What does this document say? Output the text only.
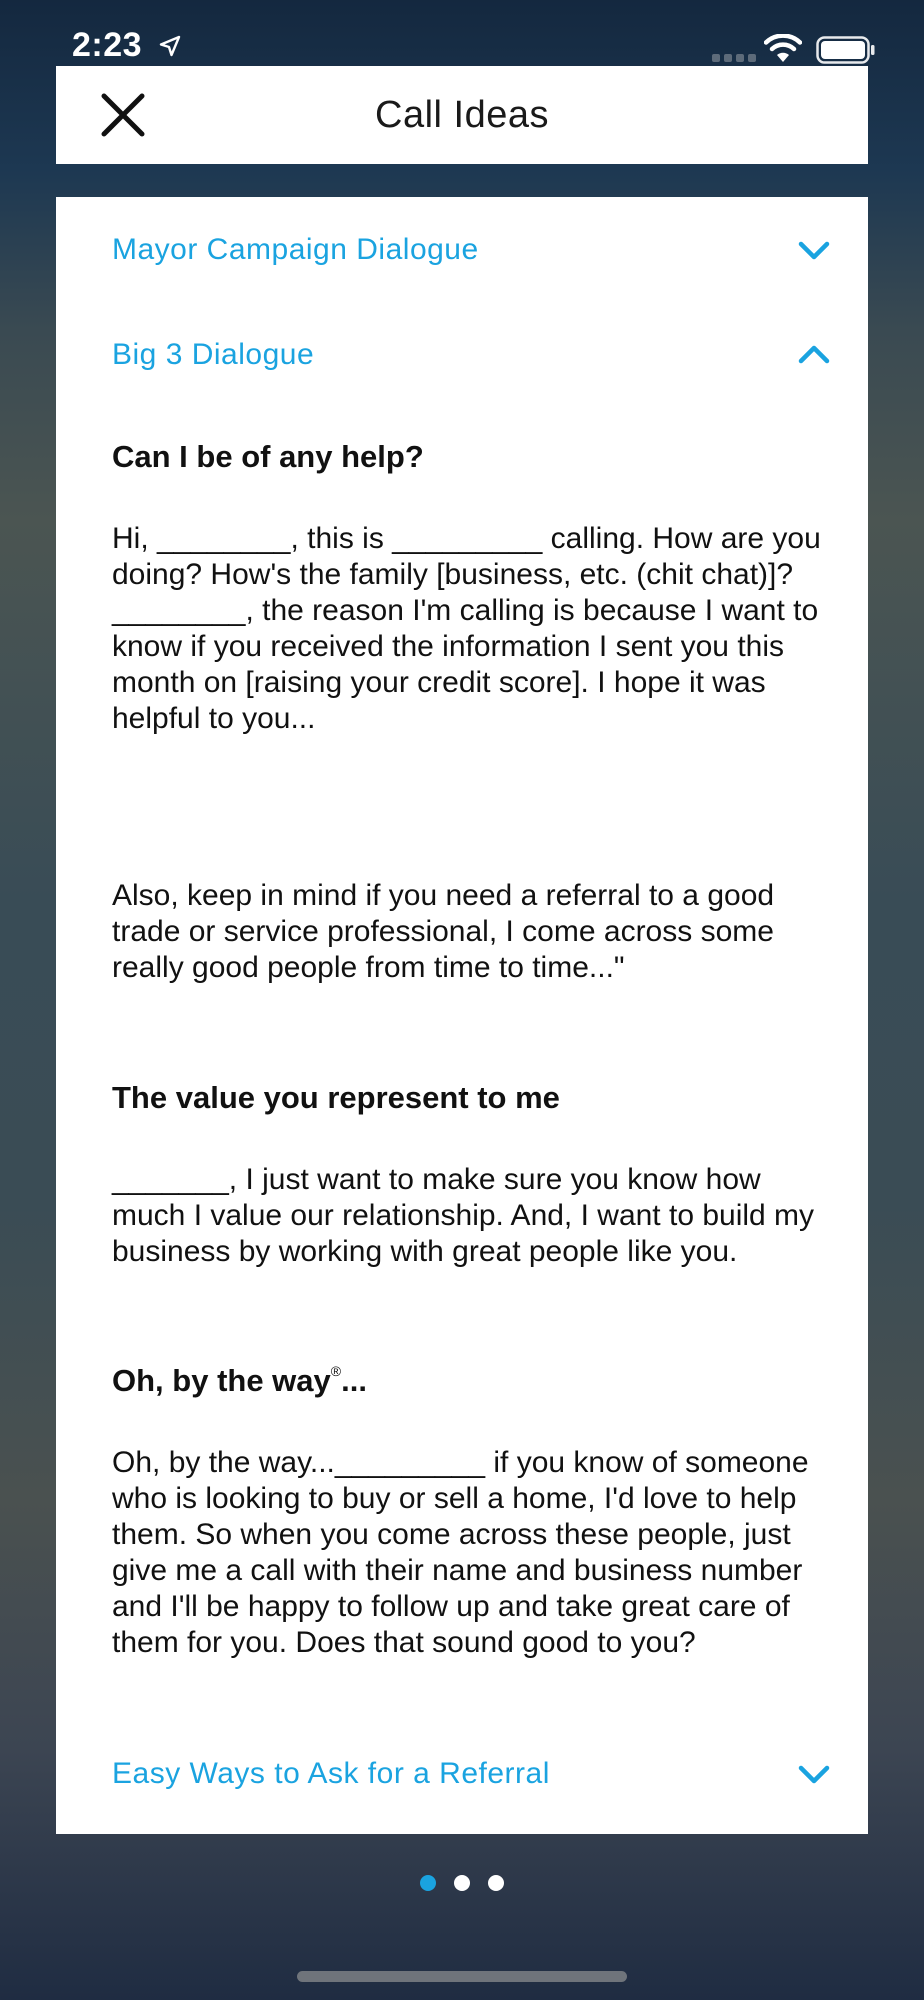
2:23
Call Ideas
Mayor Campaign Dialogue
Big 3 Dialogue
Can I be of any help?
Hi, ________, this is _________ calling. How are you doing? How's the family [business, etc. (chit chat)]? ________, the reason I'm calling is because I want to know if you received the information I sent you this month on [raising your credit score]. I hope it was helpful to you...
Also, keep in mind if you need a referral to a good trade or service professional, I come across some really good people from time to time..."
The value you represent to me
_______, I just want to make sure you know how much I value our relationship. And, I want to build my business by working with great people like you.
Oh, by the way®...
Oh, by the way..._________ if you know of someone who is looking to buy or sell a home, I'd love to help them. So when you come across these people, just give me a call with their name and business number and I'll be happy to follow up and take great care of them for you. Does that sound good to you?
Easy Ways to Ask for a Referral
